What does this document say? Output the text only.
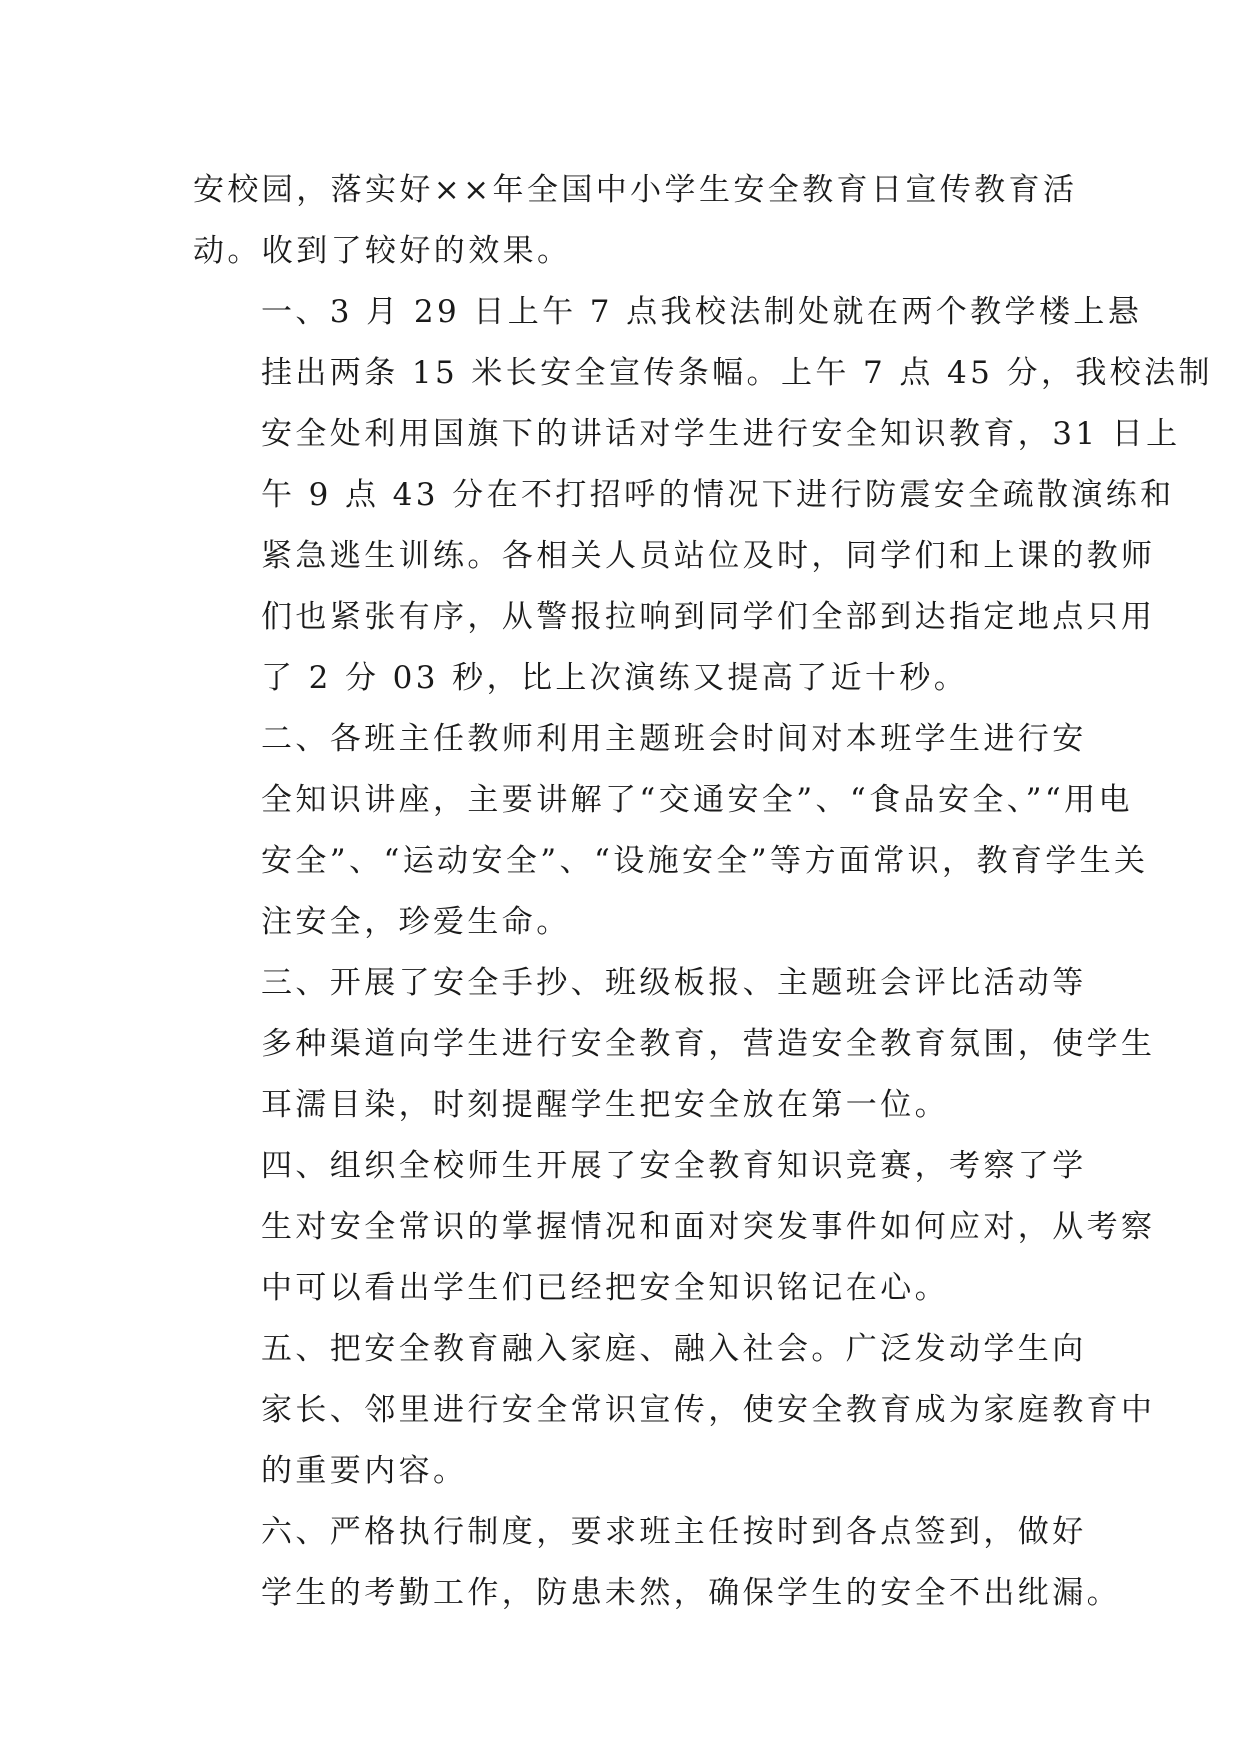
安校园，落实好××年全国中小学生安全教育日宣传教育活
动。收到了较好的效果。

一、3 月 29 日上午 7 点我校法制处就在两个教学楼上悬
挂出两条 15 米长安全宣传条幅。上午 7 点 45 分，我校法制
安全处利用国旗下的讲话对学生进行安全知识教育，31 日上
午 9 点 43 分在不打招呼的情况下进行防震安全疏散演练和
紧急逃生训练。各相关人员站位及时，同学们和上课的教师
们也紧张有序，从警报拉响到同学们全部到达指定地点只用
了 2 分 03 秒，比上次演练又提高了近十秒。

二、各班主任教师利用主题班会时间对本班学生进行安
全知识讲座，主要讲解了“交通安全”、“食品安全、”“用电
安全”、“运动安全”、“设施安全”等方面常识，教育学生关
注安全，珍爱生命。

三、开展了安全手抄、班级板报、主题班会评比活动等
多种渠道向学生进行安全教育，营造安全教育氛围，使学生
耳濡目染，时刻提醒学生把安全放在第一位。

四、组织全校师生开展了安全教育知识竞赛，考察了学
生对安全常识的掌握情况和面对突发事件如何应对，从考察
中可以看出学生们已经把安全知识铭记在心。

五、把安全教育融入家庭、融入社会。广泛发动学生向
家长、邻里进行安全常识宣传，使安全教育成为家庭教育中
的重要内容。

六、严格执行制度，要求班主任按时到各点签到，做好
学生的考勤工作，防患未然，确保学生的安全不出纰漏。
